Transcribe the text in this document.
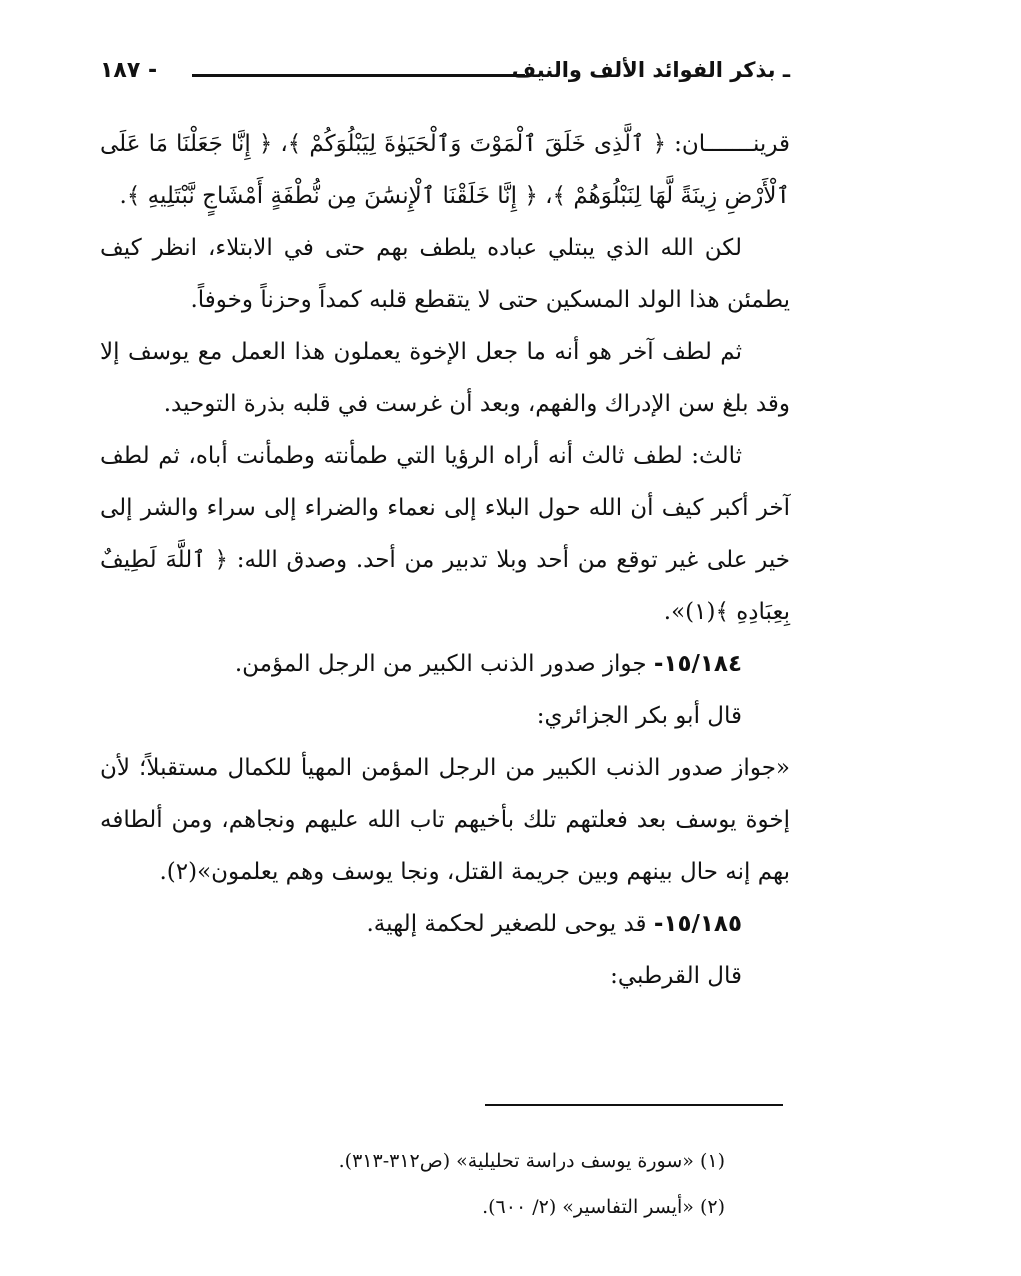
١٨٧ -	ـ بذكر الفوائد الألف والنيف

قرينـــــــان: ﴿ ٱلَّذِى خَلَقَ ٱلْمَوْتَ وَٱلْحَيَوٰةَ لِيَبْلُوَكُمْ ﴾، ﴿ إِنَّا جَعَلْنَا مَا عَلَى ٱلْأَرْضِ زِينَةً لَّهَا لِنَبْلُوَهُمْ ﴾، ﴿ إِنَّا خَلَقْنَا ٱلْإِنسَٰنَ مِن نُّطْفَةٍ أَمْشَاجٍ نَّبْتَلِيهِ ﴾.

لكن الله الذي يبتلي عباده يلطف بهم حتى في الابتلاء، انظر كيف يطمئن هذا الولد المسكين حتى لا يتقطع قلبه كمداً وحزناً وخوفاً.

ثم لطف آخر هو أنه ما جعل الإخوة يعملون هذا العمل مع يوسف إلا وقد بلغ سن الإدراك والفهم، وبعد أن غرست في قلبه بذرة التوحيد.

ثالث: لطف ثالث أنه أراه الرؤيا التي طمأنته وطمأنت أباه، ثم لطف آخر أكبر كيف أن الله حول البلاء إلى نعماء والضراء إلى سراء والشر إلى خير على غير توقع من أحد وبلا تدبير من أحد. وصدق الله: ﴿ ٱللَّهَ لَطِيفٌ بِعِبَادِهِ ﴾(١)».

١٥/١٨٤- جواز صدور الذنب الكبير من الرجل المؤمن.

قال أبو بكر الجزائري:

«جواز صدور الذنب الكبير من الرجل المؤمن المهيأ للكمال مستقبلاً؛ لأن إخوة يوسف بعد فعلتهم تلك بأخيهم تاب الله عليهم ونجاهم، ومن ألطافه بهم إنه حال بينهم وبين جريمة القتل، ونجا يوسف وهم يعلمون»(٢).

١٥/١٨٥- قد يوحى للصغير لحكمة إلهية.

قال القرطبي:

(١) «سورة يوسف دراسة تحليلية» (ص٣١٢-٣١٣).
(٢) «أيسر التفاسير» (٢/ ٦٠٠).
